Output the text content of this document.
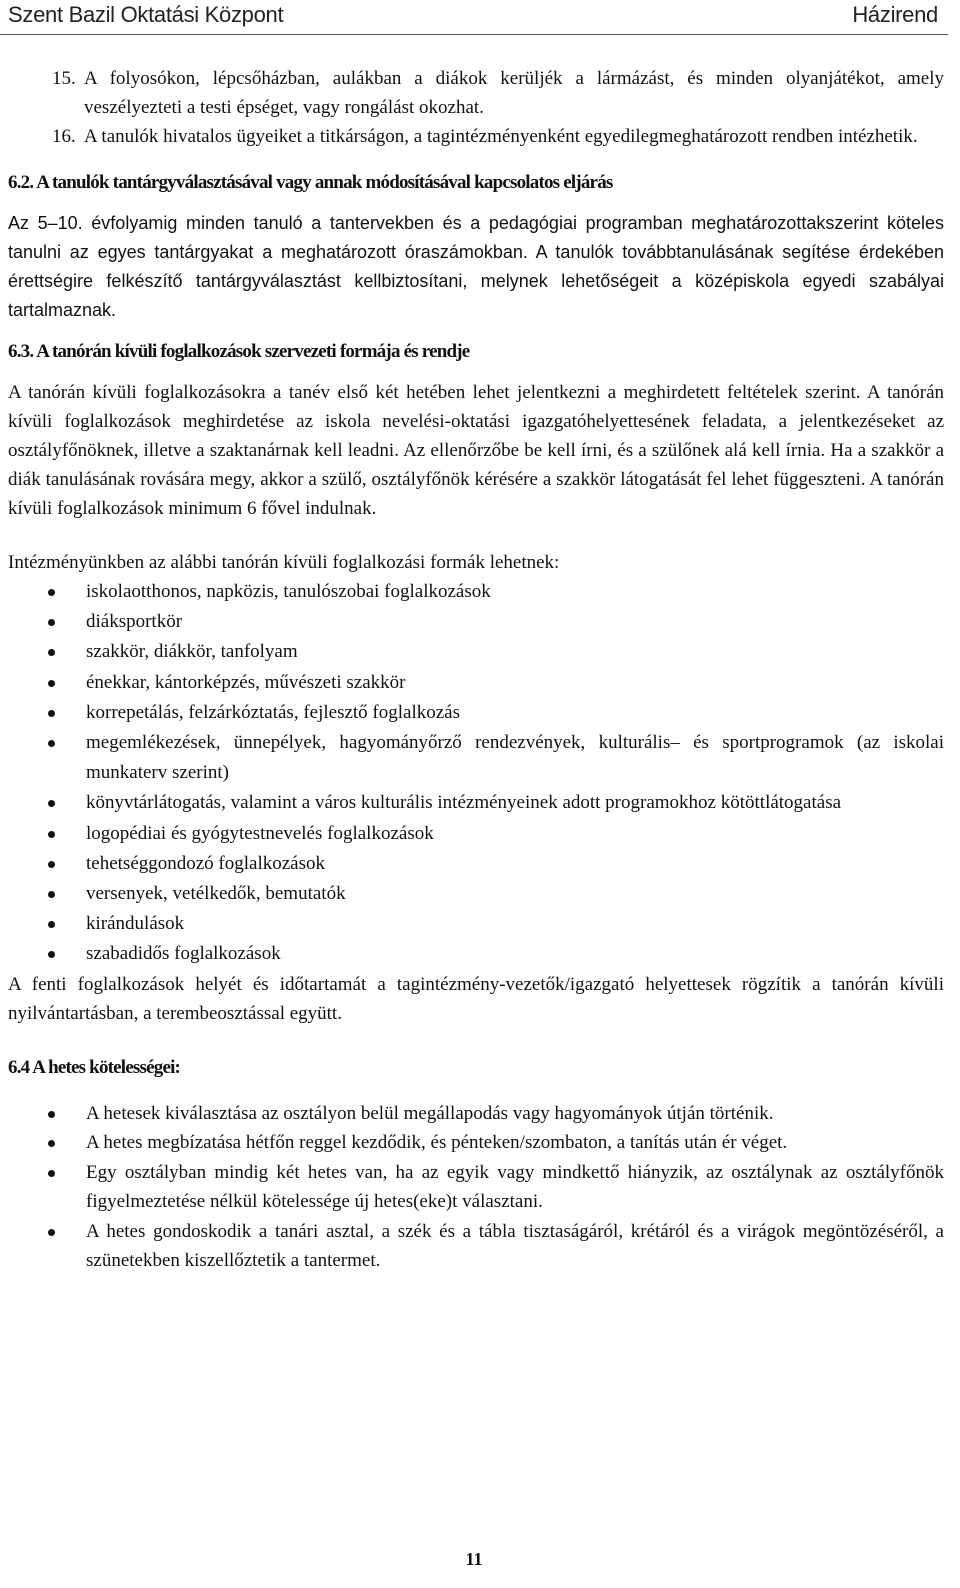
Szent Bazil Oktatási Központ	Házirend
15. A folyosókon, lépcsőházban, aulákban a diákok kerüljék a lármázást, és minden olyanjátékot, amely veszélyezteti a testi épséget, vagy rongálást okozhat.
16. A tanulók hivatalos ügyeiket a titkárságon, a tagintézményenként egyedilegmeghatározott rendben intézhetik.
6.2. A tanulók tantárgyválasztásával vagy annak módosításával kapcsolatos eljárás

Az 5–10. évfolyamig minden tanuló a tantervekben és a pedagógiai programban meghatározottakszerint köteles tanulni az egyes tantárgyakat a meghatározott óraszámokban. A tanulók továbbtanulásának segítése érdekében érettségire felkészítő tantárgyválasztást kellbiztosítani, melynek lehetőségeit a középiskola egyedi szabályai tartalmaznak.

6.3. A tanórán kívüli foglalkozások szervezeti formája és rendje

A tanórán kívüli foglalkozásokra a tanév első két hetében lehet jelentkezni a meghirdetett feltételek szerint. A tanórán kívüli foglalkozások meghirdetése az iskola nevelési-oktatási igazgatóhelyettesének feladata, a jelentkezéseket az osztályfőnöknek, illetve a szaktanárnak kell leadni. Az ellenőrzőbe be kell írni, és a szülőnek alá kell írnia. Ha a szakkör a diák tanulásának rovására megy, akkor a szülő, osztályfőnök kérésére a szakkör látogatását fel lehet függeszteni. A tanórán kívüli foglalkozások minimum 6 fővel indulnak.

Intézményünkben az alábbi tanórán kívüli foglalkozási formák lehetnek:

iskolaotthonos, napközis, tanulószobai foglalkozások
diáksportkör
szakkör, diákkör, tanfolyam
énekkar, kántorképzés, művészeti szakkör
korrepetálás, felzárkóztatás, fejlesztő foglalkozás
megemlékezések, ünnepélyek, hagyományőrző rendezvények, kulturális– és sportprogramok (az iskolai munkaterv szerint)
könyvtárlátogatás, valamint a város kulturális intézményeinek adott programokhoz kötöttlátogatása
logopédiai és gyógytestnevelés foglalkozások
tehetséggondozó foglalkozások
versenyek, vetélkedők, bemutatók
kirándulások
szabadidős foglalkozások

A fenti foglalkozások helyét és időtartamát a tagintézmény-vezetők/igazgató helyettesek rögzítik a tanórán kívüli nyilvántartásban, a terembeosztással együtt.

6.4 A hetes kötelességei:
A hetesek kiválasztása az osztályon belül megállapodás vagy hagyományok útján történik.
A hetes megbízatása hétfőn reggel kezdődik, és pénteken/szombaton, a tanítás után ér véget.
Egy osztályban mindig két hetes van, ha az egyik vagy mindkettő hiányzik, az osztálynak az osztályfőnök figyelmeztetése nélkül kötelessége új hetes(eke)t választani.
A hetes gondoskodik a tanári asztal, a szék és a tábla tisztaságáról, krétáról és a virágok megöntözéséről, a szünetekben kiszellőztetik a tantermet.
11
